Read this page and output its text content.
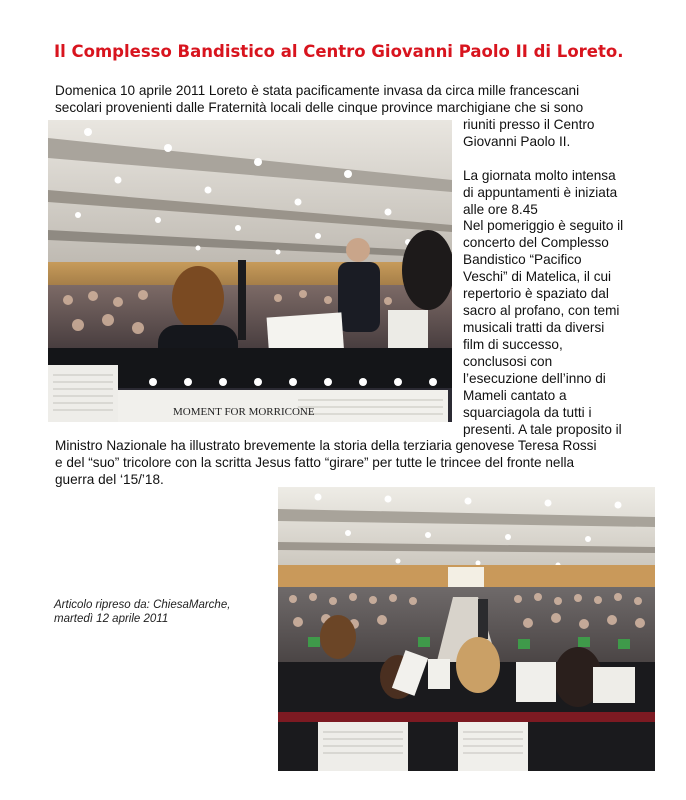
Il Complesso Bandistico al Centro Giovanni Paolo II di Loreto.
Domenica 10 aprile 2011 Loreto è stata pacificamente invasa da circa mille francescani
secolari provenienti dalle Fraternità locali delle cinque province marchigiane che si sono
riuniti presso il Centro
Giovanni Paolo II.
La giornata molto intensa
di appuntamenti è iniziata
alle ore 8.45
Nel pomeriggio è seguito il
concerto del Complesso
Bandistico “Pacifico
Veschi” di Matelica, il cui
repertorio è spaziato dal
sacro al profano, con temi
musicali tratti da diversi
film di successo,
conclusosi con
l’esecuzione dell’inno di
Mameli cantato a
squarciagola da tutti i
presenti. A tale proposito il
Ministro Nazionale ha illustrato brevemente la storia della terziaria genovese Teresa Rossi
e del “suo” tricolore con la scritta Jesus fatto “girare” per tutte le trincee del fronte nella
guerra del ‘15/’18.
MOMENT FOR MORRICONE
Articolo ripreso da: ChiesaMarche,
martedì 12 aprile 2011
